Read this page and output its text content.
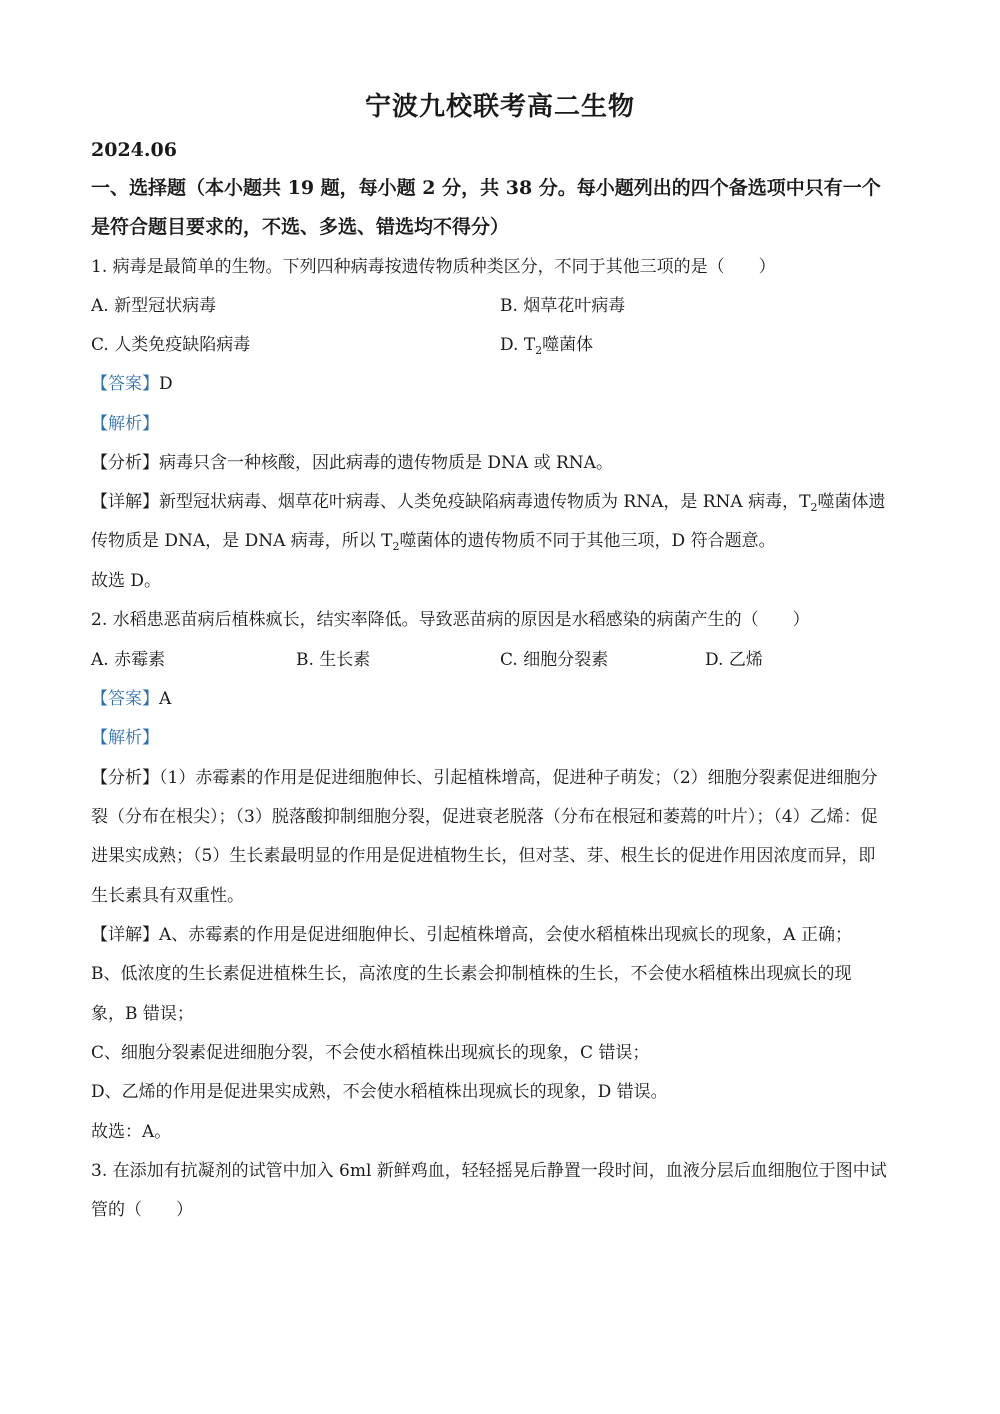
宁波九校联考高二生物
2024.06
一、选择题（本小题共 19 题，每小题 2 分，共 38 分。每小题列出的四个备选项中只有一个
是符合题目要求的，不选、多选、错选均不得分）
1. 病毒是最简单的生物。下列四种病毒按遗传物质种类区分，不同于其他三项的是（　　）
A. 新型冠状病毒	B. 烟草花叶病毒
C. 人类免疫缺陷病毒	D. $T_2$噬菌体
【答案】D
【解析】
【分析】病毒只含一种核酸，因此病毒的遗传物质是 DNA 或 RNA。
【详解】新型冠状病毒、烟草花叶病毒、人类免疫缺陷病毒遗传物质为 RNA，是 RNA 病毒，$T_2$噬菌体遗
传物质是 DNA，是 DNA 病毒，所以 $T_2$噬菌体的遗传物质不同于其他三项，D 符合题意。
故选 D。
2. 水稻患恶苗病后植株疯长，结实率降低。导致恶苗病的原因是水稻感染的病菌产生的（　　）
A. 赤霉素	B. 生长素	C. 细胞分裂素	D. 乙烯
【答案】A
【解析】
【分析】（1）赤霉素的作用是促进细胞伸长、引起植株增高，促进种子萌发；（2）细胞分裂素促进细胞分
裂（分布在根尖）；（3）脱落酸抑制细胞分裂，促进衰老脱落（分布在根冠和萎蔫的叶片）；（4）乙烯：促
进果实成熟；（5）生长素最明显的作用是促进植物生长，但对茎、芽、根生长的促进作用因浓度而异，即
生长素具有双重性。
【详解】A、赤霉素的作用是促进细胞伸长、引起植株增高，会使水稻植株出现疯长的现象，A 正确；
B、低浓度的生长素促进植株生长，高浓度的生长素会抑制植株的生长，不会使水稻植株出现疯长的现
象，B 错误；
C、细胞分裂素促进细胞分裂，不会使水稻植株出现疯长的现象，C 错误；
D、乙烯的作用是促进果实成熟，不会使水稻植株出现疯长的现象，D 错误。
故选：A。
3. 在添加有抗凝剂的试管中加入 6ml 新鲜鸡血，轻轻摇晃后静置一段时间，血液分层后血细胞位于图中试
管的（　　）
